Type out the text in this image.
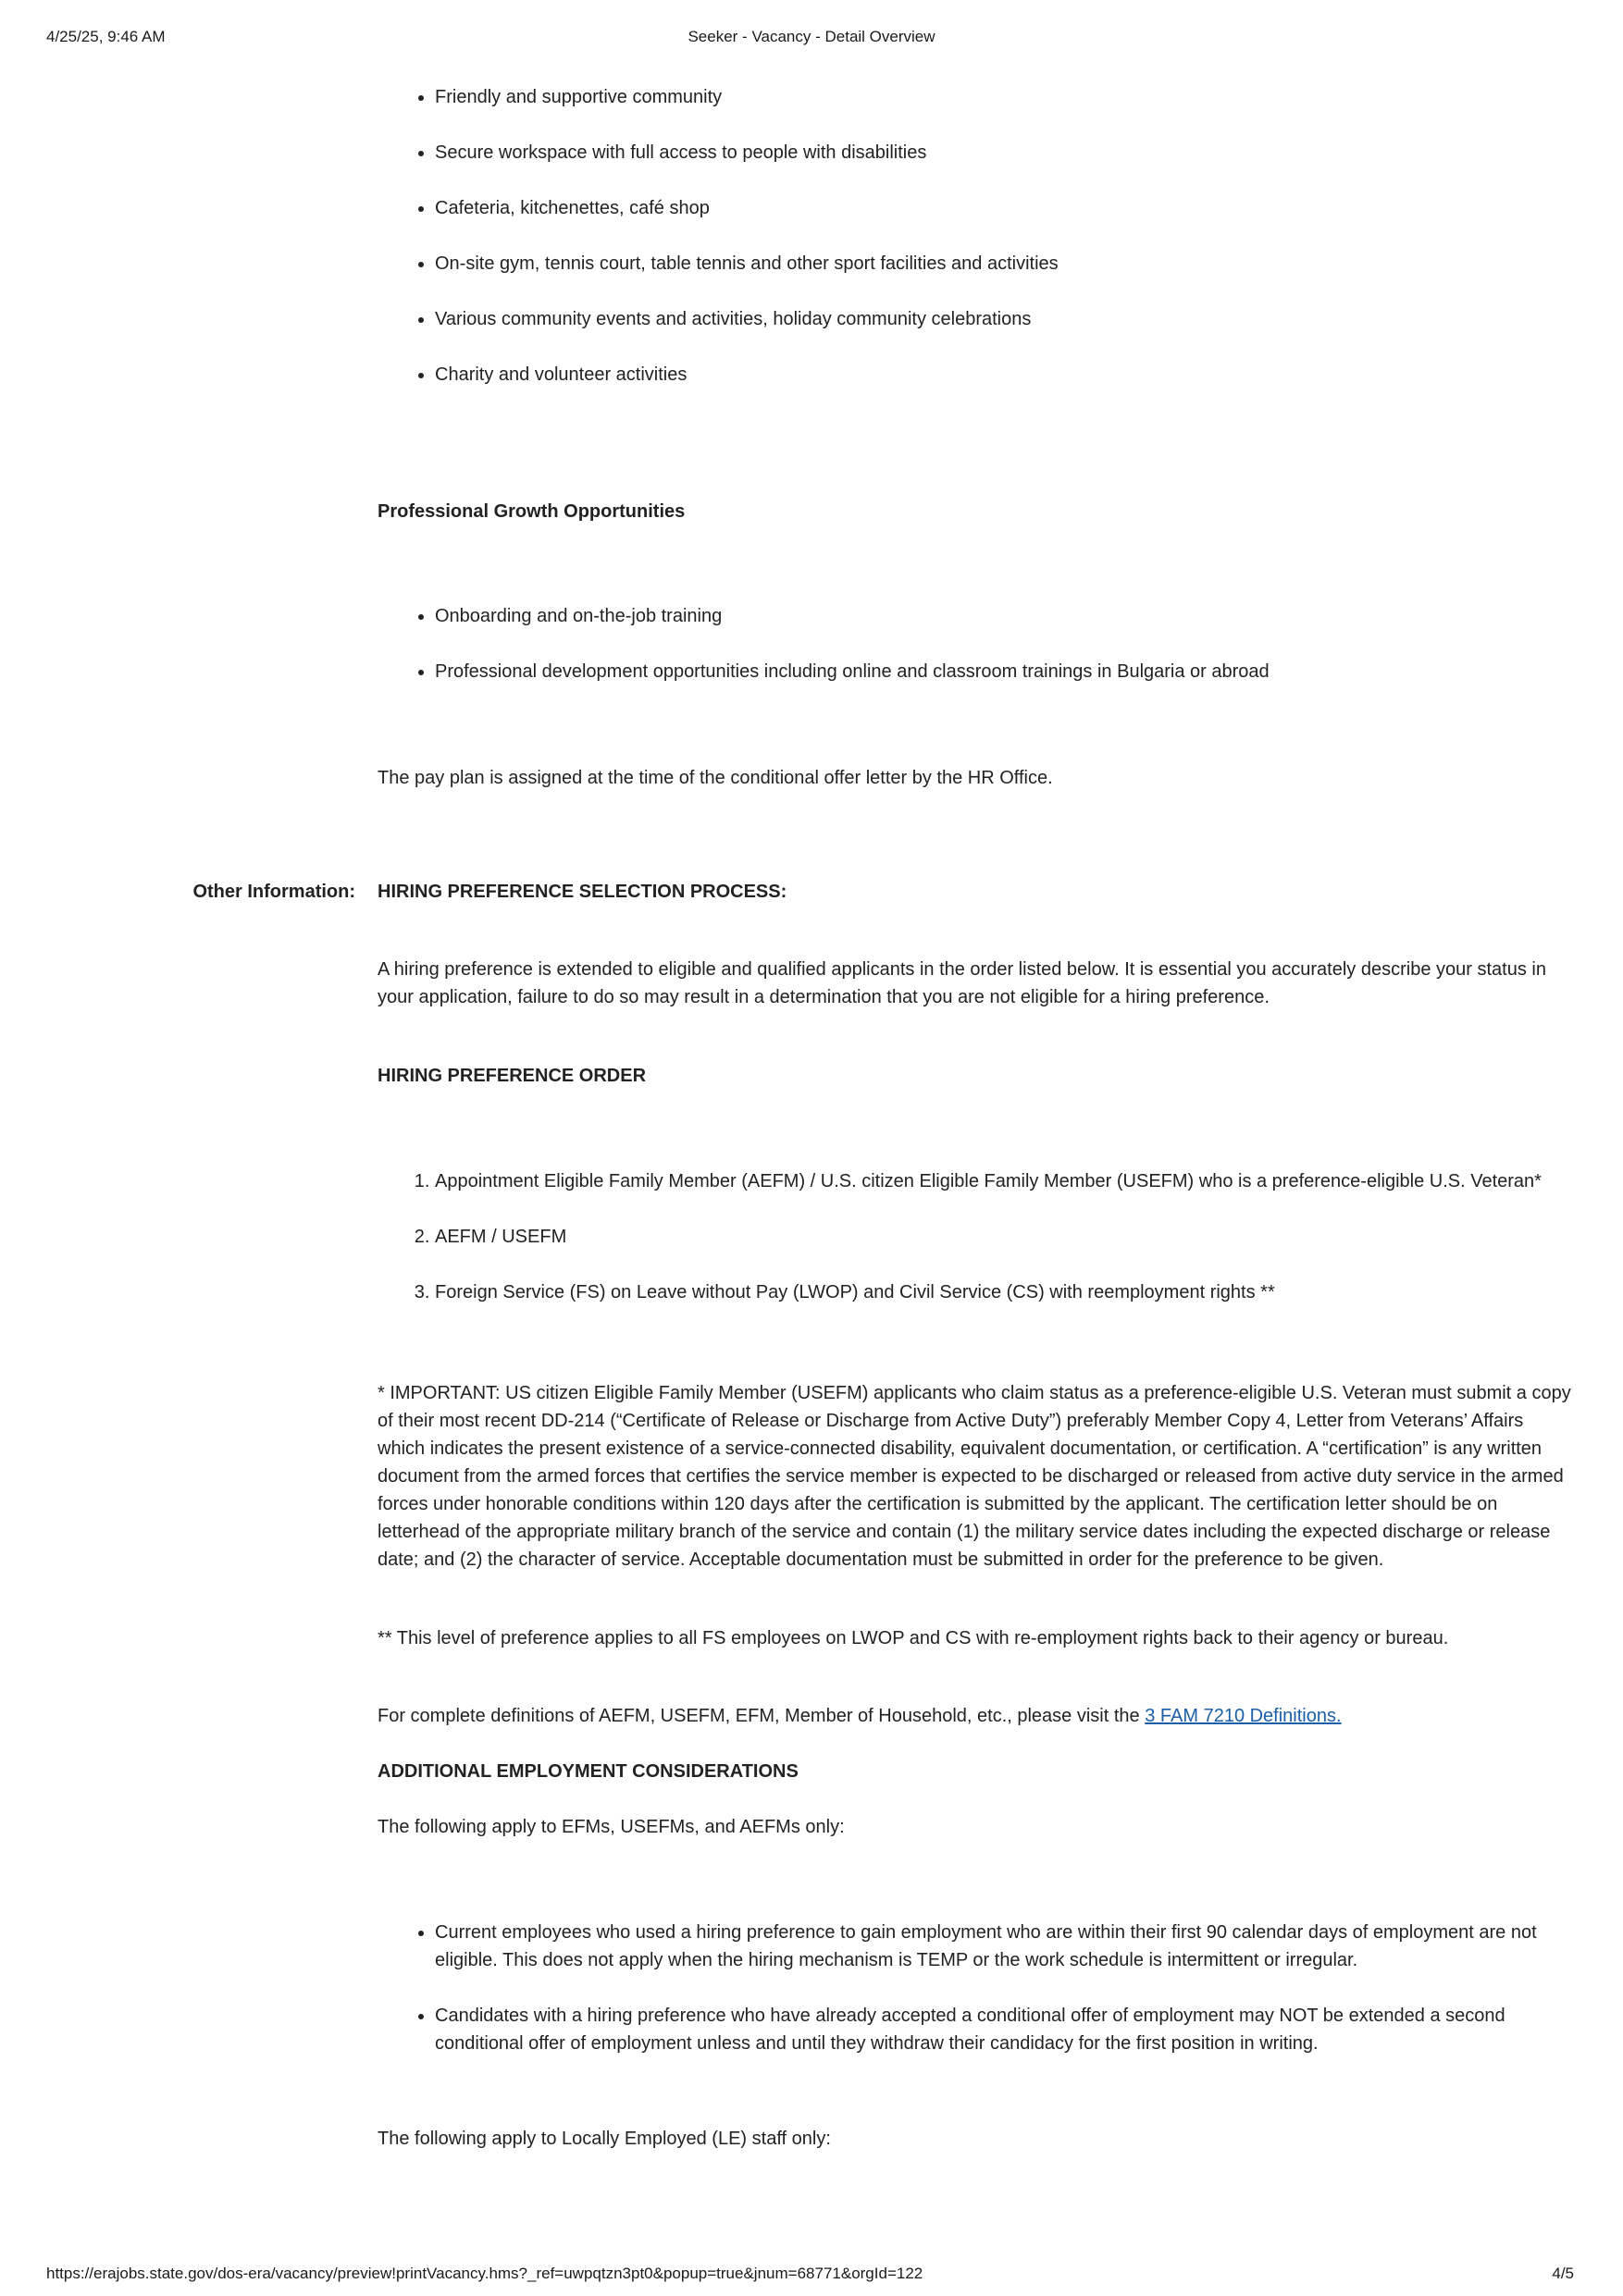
4/25/25, 9:46 AM	Seeker - Vacancy - Detail Overview
• Friendly and supportive community
• Secure workspace with full access to people with disabilities
• Cafeteria, kitchenettes, café shop
• On-site gym, tennis court, table tennis and other sport facilities and activities
• Various community events and activities, holiday community celebrations
• Charity and volunteer activities
Professional Growth Opportunities
• Onboarding and on-the-job training
• Professional development opportunities including online and classroom trainings in Bulgaria or abroad
The pay plan is assigned at the time of the conditional offer letter by the HR Office.
Other Information: HIRING PREFERENCE SELECTION PROCESS:
A hiring preference is extended to eligible and qualified applicants in the order listed below. It is essential you accurately describe your status in your application, failure to do so may result in a determination that you are not eligible for a hiring preference.
HIRING PREFERENCE ORDER
1. Appointment Eligible Family Member (AEFM) / U.S. citizen Eligible Family Member (USEFM) who is a preference-eligible U.S. Veteran*
2. AEFM / USEFM
3. Foreign Service (FS) on Leave without Pay (LWOP) and Civil Service (CS) with reemployment rights **
* IMPORTANT: US citizen Eligible Family Member (USEFM) applicants who claim status as a preference-eligible U.S. Veteran must submit a copy of their most recent DD-214 (“Certificate of Release or Discharge from Active Duty”) preferably Member Copy 4, Letter from Veterans’ Affairs which indicates the present existence of a service-connected disability, equivalent documentation, or certification. A “certification” is any written document from the armed forces that certifies the service member is expected to be discharged or released from active duty service in the armed forces under honorable conditions within 120 days after the certification is submitted by the applicant. The certification letter should be on letterhead of the appropriate military branch of the service and contain (1) the military service dates including the expected discharge or release date; and (2) the character of service. Acceptable documentation must be submitted in order for the preference to be given.
** This level of preference applies to all FS employees on LWOP and CS with re-employment rights back to their agency or bureau.
For complete definitions of AEFM, USEFM, EFM, Member of Household, etc., please visit the 3 FAM 7210 Definitions.
ADDITIONAL EMPLOYMENT CONSIDERATIONS
The following apply to EFMs, USEFMs, and AEFMs only:
• Current employees who used a hiring preference to gain employment who are within their first 90 calendar days of employment are not eligible. This does not apply when the hiring mechanism is TEMP or the work schedule is intermittent or irregular.
• Candidates with a hiring preference who have already accepted a conditional offer of employment may NOT be extended a second conditional offer of employment unless and until they withdraw their candidacy for the first position in writing.
The following apply to Locally Employed (LE) staff only:
https://erajobs.state.gov/dos-era/vacancy/preview!printVacancy.hms?_ref=uwpqtzn3pt0&popup=true&jnum=68771&orgId=122	4/5
